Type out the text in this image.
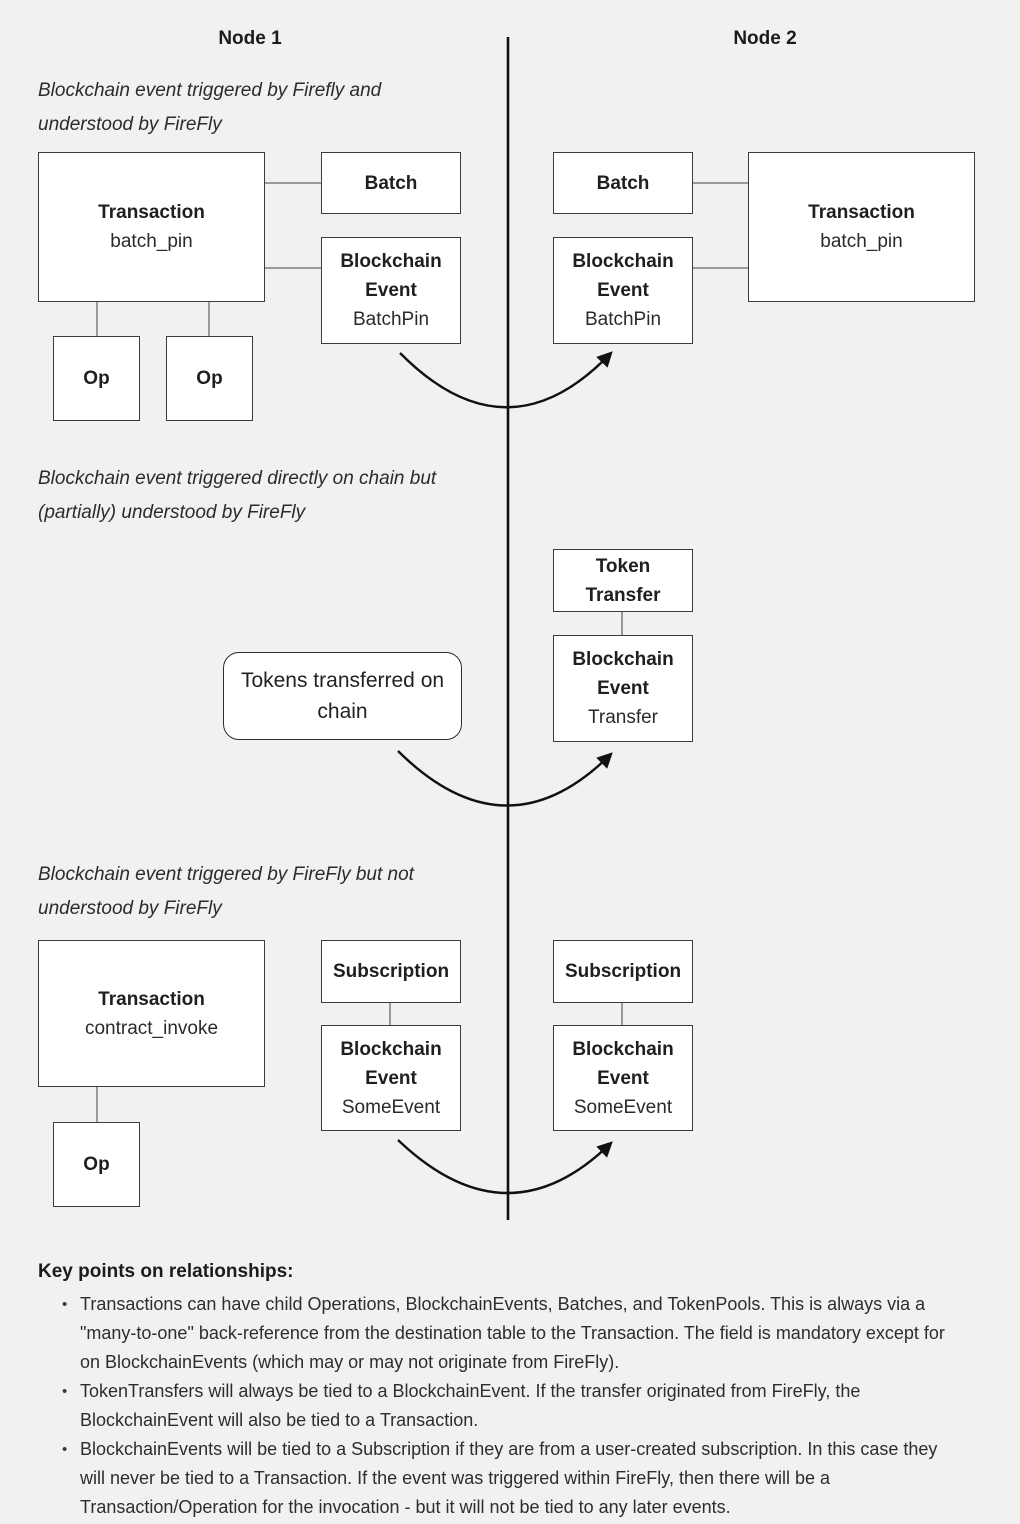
Node 1	Node 2
Blockchain event triggered by Firefly and understood by FireFly
Blockchain event triggered directly on chain but (partially) understood by FireFly
Blockchain event triggered by FireFly but not understood by FireFly
Transaction
batch_pin
Batch
Blockchain Event
BatchPin
Op	Op
Batch
Blockchain Event
BatchPin
Transaction
batch_pin
Token Transfer
Blockchain Event
Transfer
Tokens transferred on chain
Transaction
contract_invoke
Subscription
Blockchain Event
SomeEvent
Op
Subscription
Blockchain Event
SomeEvent
Key points on relationships:
• Transactions can have child Operations, BlockchainEvents, Batches, and TokenPools. This is always via a "many-to-one" back-reference from the destination table to the Transaction. The field is mandatory except for on BlockchainEvents (which may or may not originate from FireFly).
• TokenTransfers will always be tied to a BlockchainEvent. If the transfer originated from FireFly, the BlockchainEvent will also be tied to a Transaction.
• BlockchainEvents will be tied to a Subscription if they are from a user-created subscription. In this case they will never be tied to a Transaction. If the event was triggered within FireFly, then there will be a Transaction/Operation for the invocation - but it will not be tied to any later events.
